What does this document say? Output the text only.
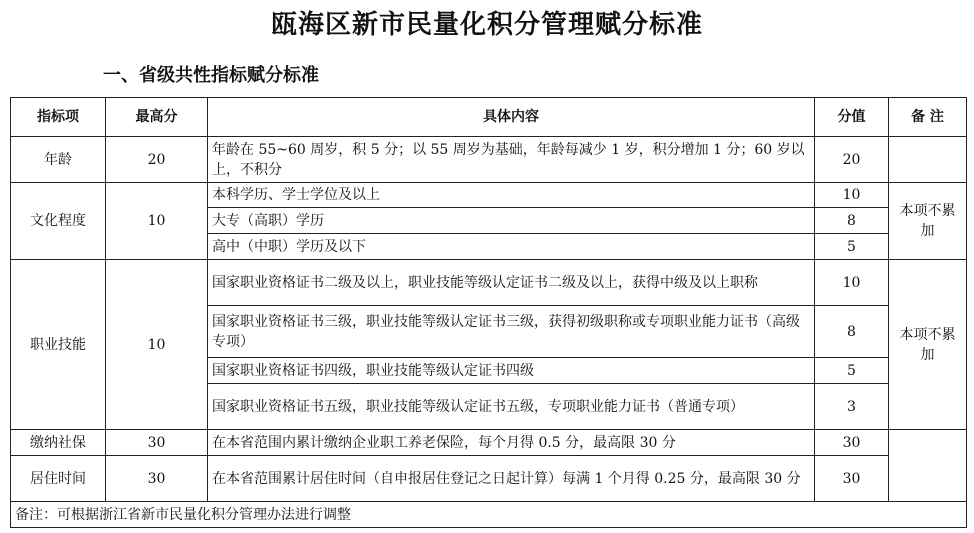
瓯海区新市民量化积分管理赋分标准
一、省级共性指标赋分标准
指标项	最高分	具体内容	分值	备 注
年龄	20	年龄在 55~60 周岁，积 5 分；以 55 周岁为基础，年龄每减少 1 岁，积分增加 1 分；60 岁以上，不积分	20	
文化程度	10	本科学历、学士学位及以上	10	本项不累加
		大专（高职）学历	8	
		高中（中职）学历及以下	5	
职业技能	10	国家职业资格证书二级及以上，职业技能等级认定证书二级及以上，获得中级及以上职称	10	本项不累加
		国家职业资格证书三级，职业技能等级认定证书三级，获得初级职称或专项职业能力证书（高级专项）	8	
		国家职业资格证书四级，职业技能等级认定证书四级	5	
		国家职业资格证书五级，职业技能等级认定证书五级，专项职业能力证书（普通专项）	3	
缴纳社保	30	在本省范围内累计缴纳企业职工养老保险，每个月得 0.5 分，最高限 30 分	30	
居住时间	30	在本省范围累计居住时间（自申报居住登记之日起计算）每满 1 个月得 0.25 分，最高限 30 分	30	
备注：可根据浙江省新市民量化积分管理办法进行调整				
